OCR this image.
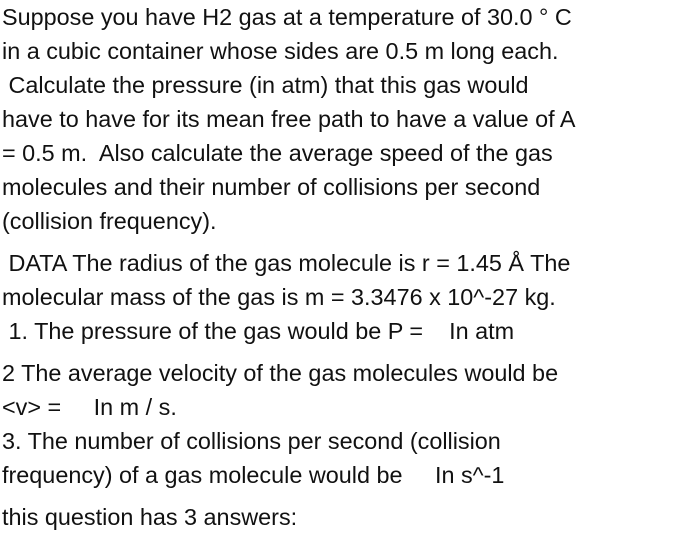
Suppose you have H2 gas at a temperature of 30.0 ° C
in a cubic container whose sides are 0.5 m long each.
Calculate the pressure (in atm) that this gas would
have to have for its mean free path to have a value of A
= 0.5 m.  Also calculate the average speed of the gas
molecules and their number of collisions per second
(collision frequency).
DATA The radius of the gas molecule is r = 1.45 Å The
molecular mass of the gas is m = 3.3476 x 10^-27 kg.
1. The pressure of the gas would be P =    In atm
2 The average velocity of the gas molecules would be
<v> =     In m / s.
3. The number of collisions per second (collision
frequency) of a gas molecule would be     In s^-1
this question has 3 answers:
